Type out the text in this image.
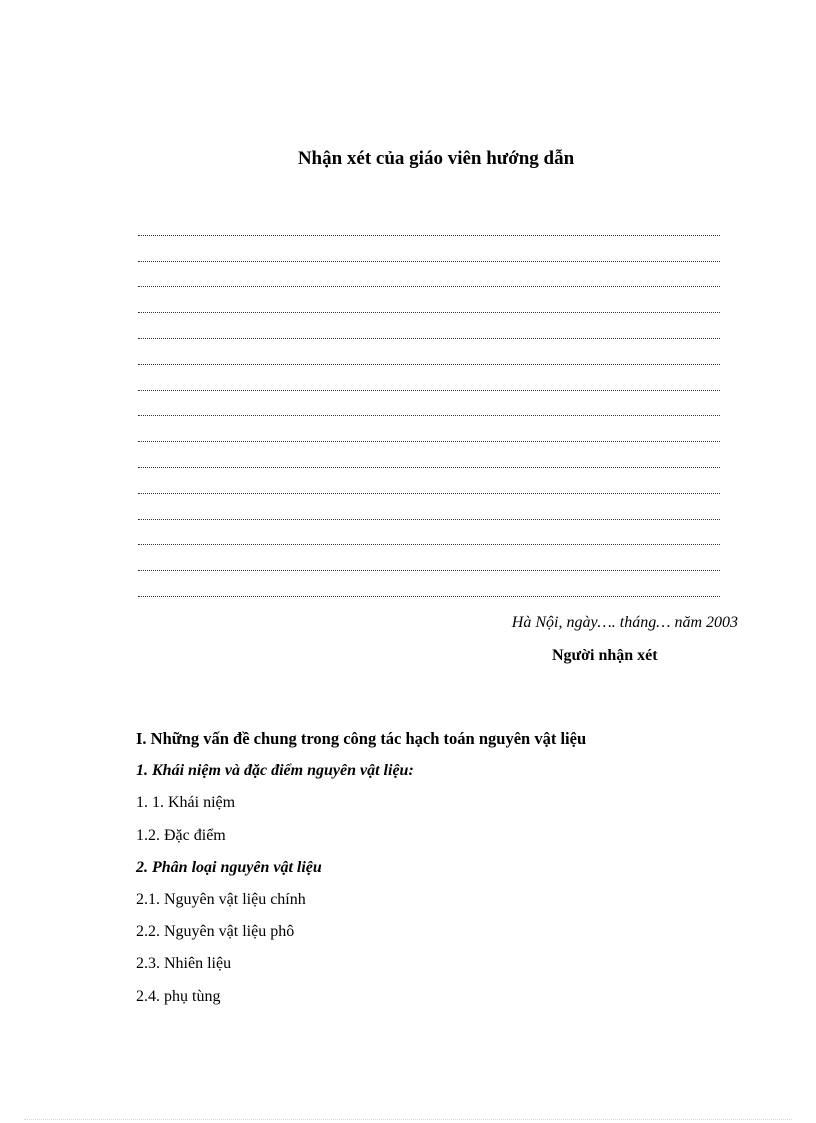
Nhận xét của giáo viên hướng dẫn
Hà Nội, ngày…. tháng… năm 2003
Người nhận xét
I. Những vấn đề chung trong công tác hạch toán nguyên vật liệu
1. Khái niệm và đặc điểm nguyên vật liệu:
1. 1. Khái niệm
1.2. Đặc điểm
2. Phân loại nguyên vật liệu
2.1. Nguyên vật liệu chính
2.2. Nguyên vật liệu phô
2.3. Nhiên liệu
2.4. phụ tùng
